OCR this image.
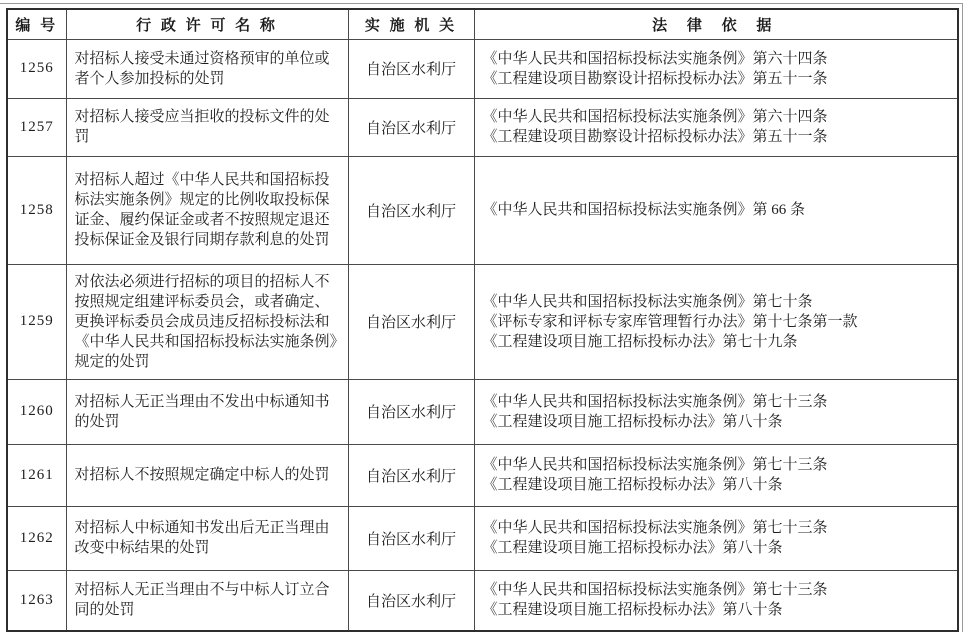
编 号	行 政 许 可 名 称	实 施 机 关	法 律 依 据
1256	对招标人接受未通过资格预审的单位或者个人参加投标的处罚	自治区水利厅	《中华人民共和国招标投标法实施条例》第六十四条
《工程建设项目勘察设计招标投标办法》第五十一条

1257	对招标人接受应当拒收的投标文件的处罚	自治区水利厅	《中华人民共和国招标投标法实施条例》第六十四条
《工程建设项目勘察设计招标投标办法》第五十一条

1258	对招标人超过《中华人民共和国招标投标法实施条例》规定的比例收取投标保证金、履约保证金或者不按照规定退还投标保证金及银行同期存款利息的处罚	自治区水利厅	《中华人民共和国招标投标法实施条例》第 66 条

1259	对依法必须进行招标的项目的招标人不按照规定组建评标委员会，或者确定、更换评标委员会成员违反招标投标法和《中华人民共和国招标投标法实施条例》规定的处罚	自治区水利厅	《中华人民共和国招标投标法实施条例》第七十条
《评标专家和评标专家库管理暂行办法》第十七条第一款
《工程建设项目施工招标投标办法》第七十九条

1260	对招标人无正当理由不发出中标通知书的处罚	自治区水利厅	《中华人民共和国招标投标法实施条例》第七十三条
《工程建设项目施工招标投标办法》第八十条

1261	对招标人不按照规定确定中标人的处罚	自治区水利厅	《中华人民共和国招标投标法实施条例》第七十三条
《工程建设项目施工招标投标办法》第八十条

1262	对招标人中标通知书发出后无正当理由改变中标结果的处罚	自治区水利厅	《中华人民共和国招标投标法实施条例》第七十三条
《工程建设项目施工招标投标办法》第八十条

1263	对招标人无正当理由不与中标人订立合同的处罚	自治区水利厅	《中华人民共和国招标投标法实施条例》第七十三条
《工程建设项目施工招标投标办法》第八十条
